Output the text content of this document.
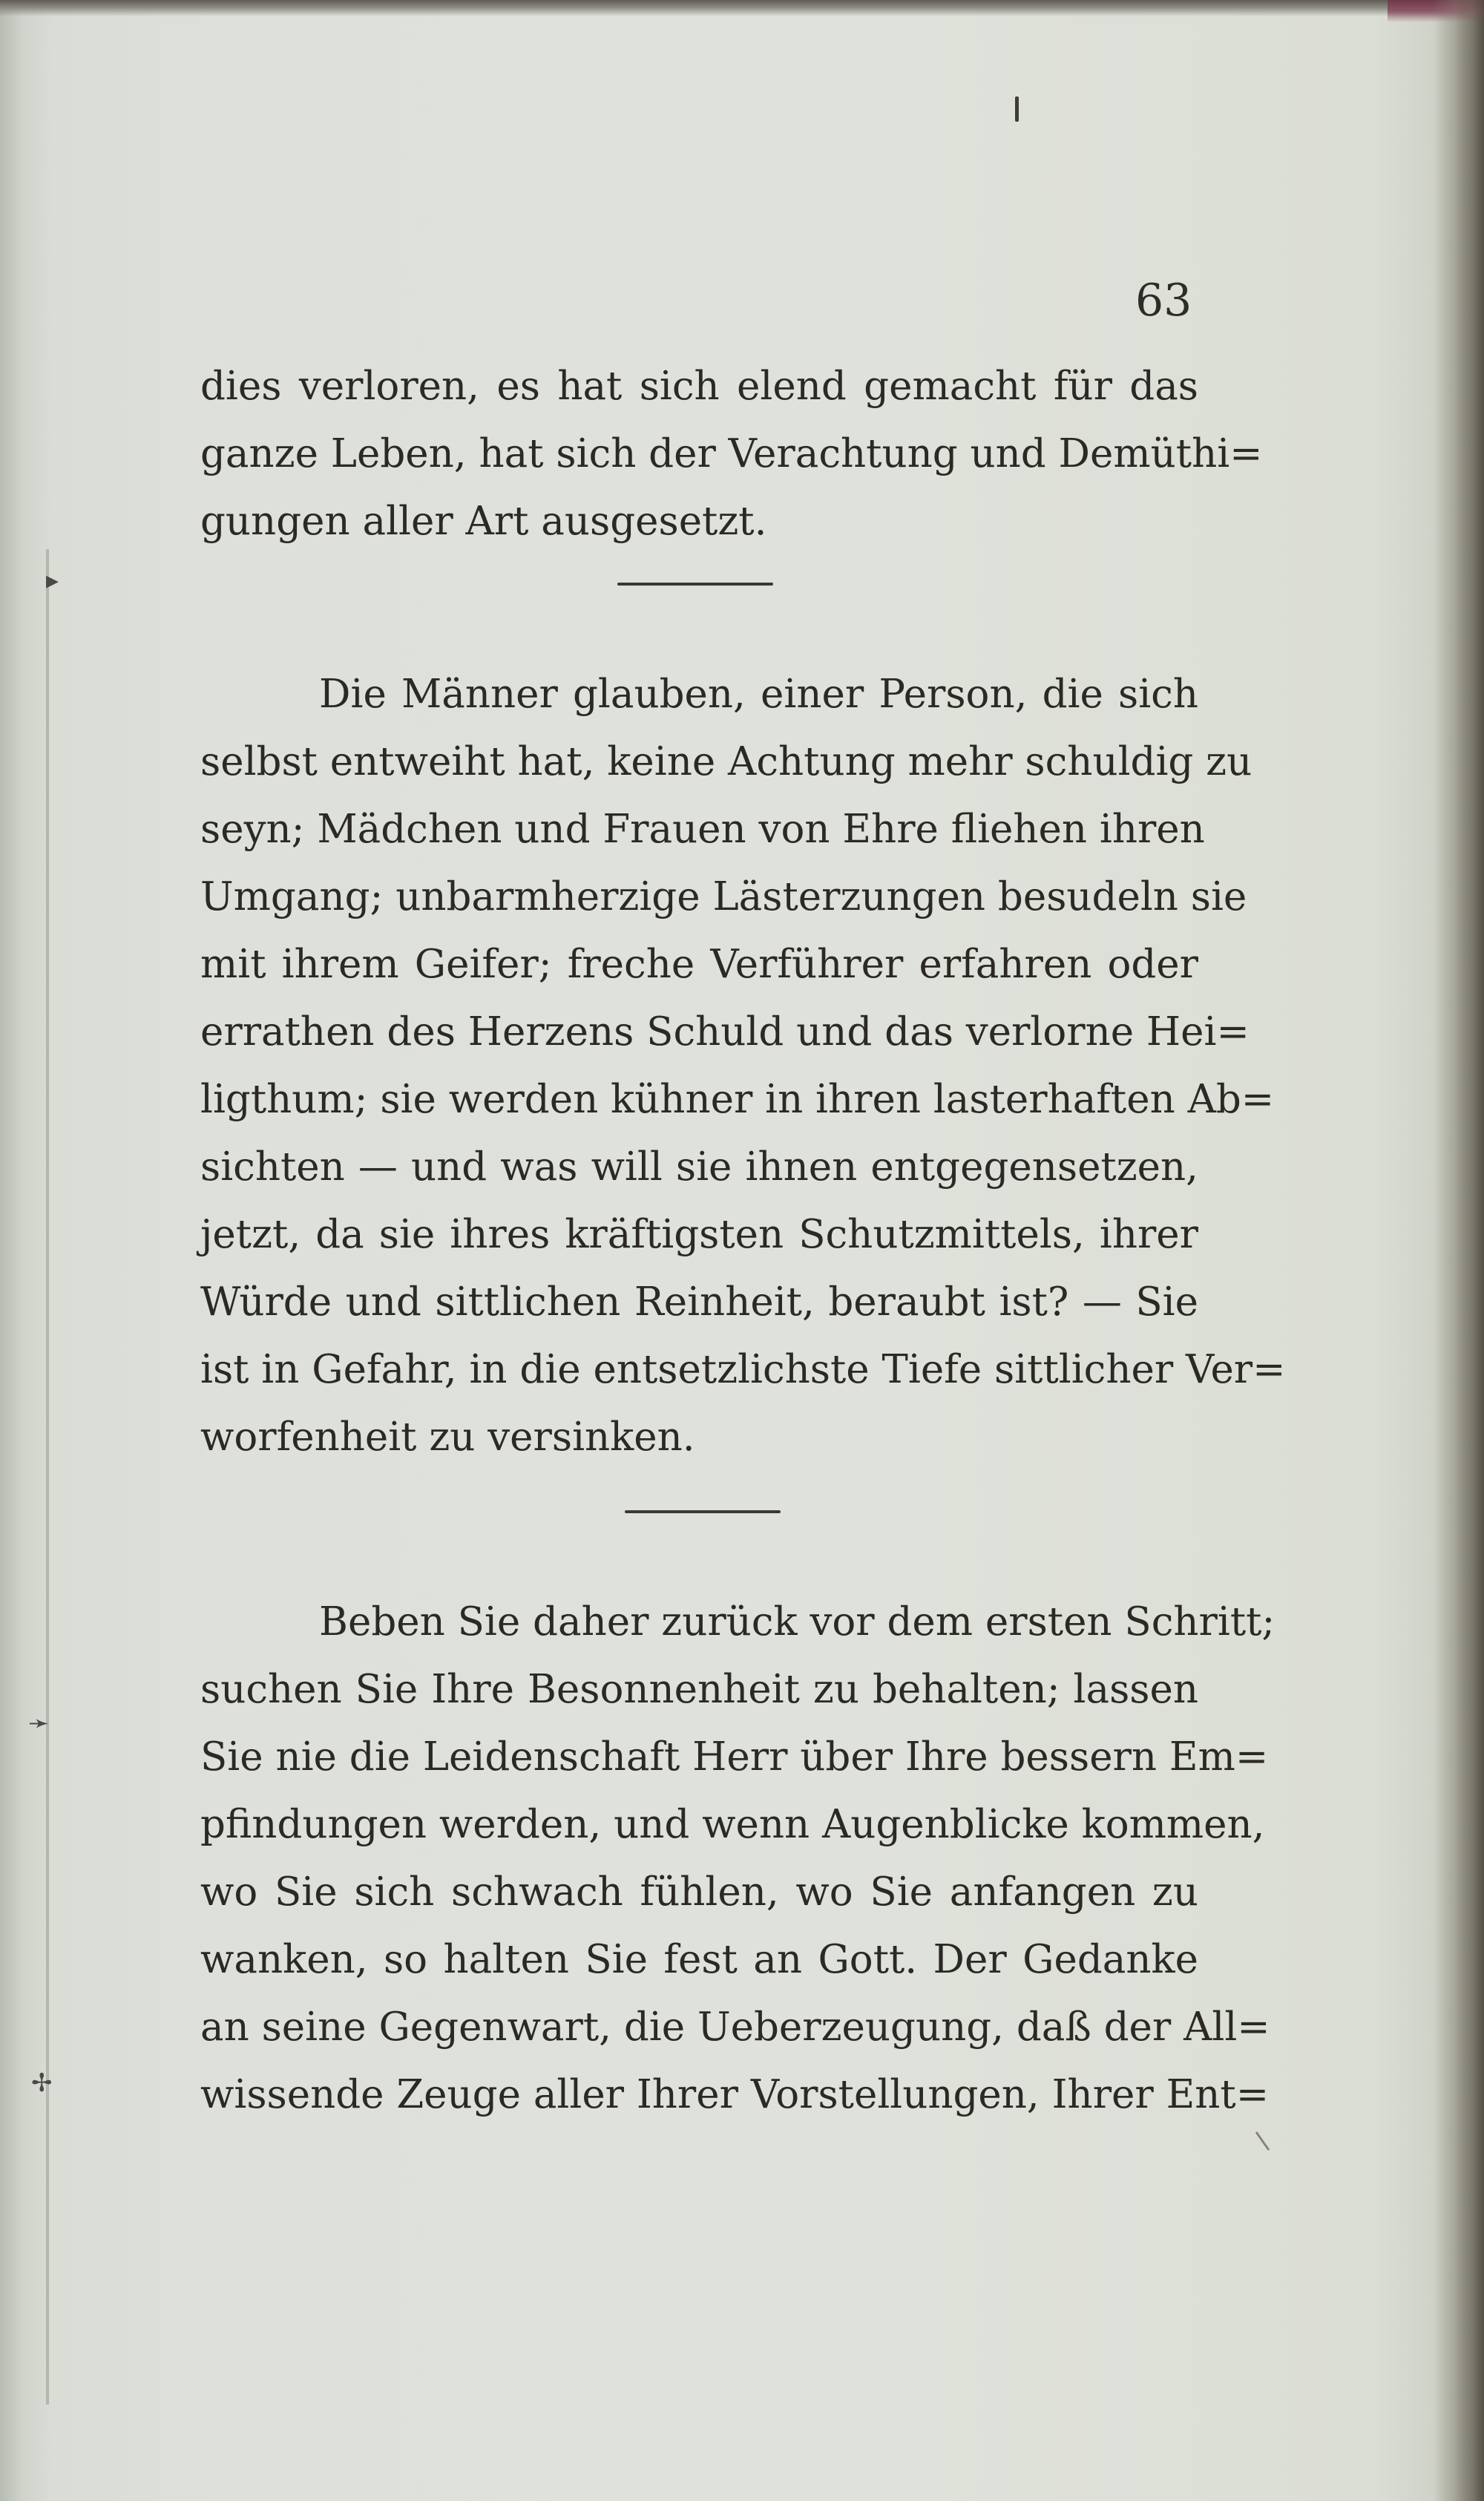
▸
➛
✢
63
dies verloren, es hat sich elend gemacht für das
ganze Leben, hat sich der Verachtung und Demüthi=
gungen aller Art ausgesetzt.
Die Männer glauben, einer Person, die sich
selbst entweiht hat, keine Achtung mehr schuldig zu
seyn; Mädchen und Frauen von Ehre fliehen ihren
Umgang; unbarmherzige Lästerzungen besudeln sie
mit ihrem Geifer; freche Verführer erfahren oder
errathen des Herzens Schuld und das verlorne Hei=
ligthum; sie werden kühner in ihren lasterhaften Ab=
sichten — und was will sie ihnen entgegensetzen,
jetzt, da sie ihres kräftigsten Schutzmittels, ihrer
Würde und sittlichen Reinheit, beraubt ist? — Sie
ist in Gefahr, in die entsetzlichste Tiefe sittlicher Ver=
worfenheit zu versinken.
Beben Sie daher zurück vor dem ersten Schritt;
suchen Sie Ihre Besonnenheit zu behalten; lassen
Sie nie die Leidenschaft Herr über Ihre bessern Em=
pfindungen werden, und wenn Augenblicke kommen,
wo Sie sich schwach fühlen, wo Sie anfangen zu
wanken, so halten Sie fest an Gott. Der Gedanke
an seine Gegenwart, die Ueberzeugung, daß der All=
wissende Zeuge aller Ihrer Vorstellungen, Ihrer Ent=
